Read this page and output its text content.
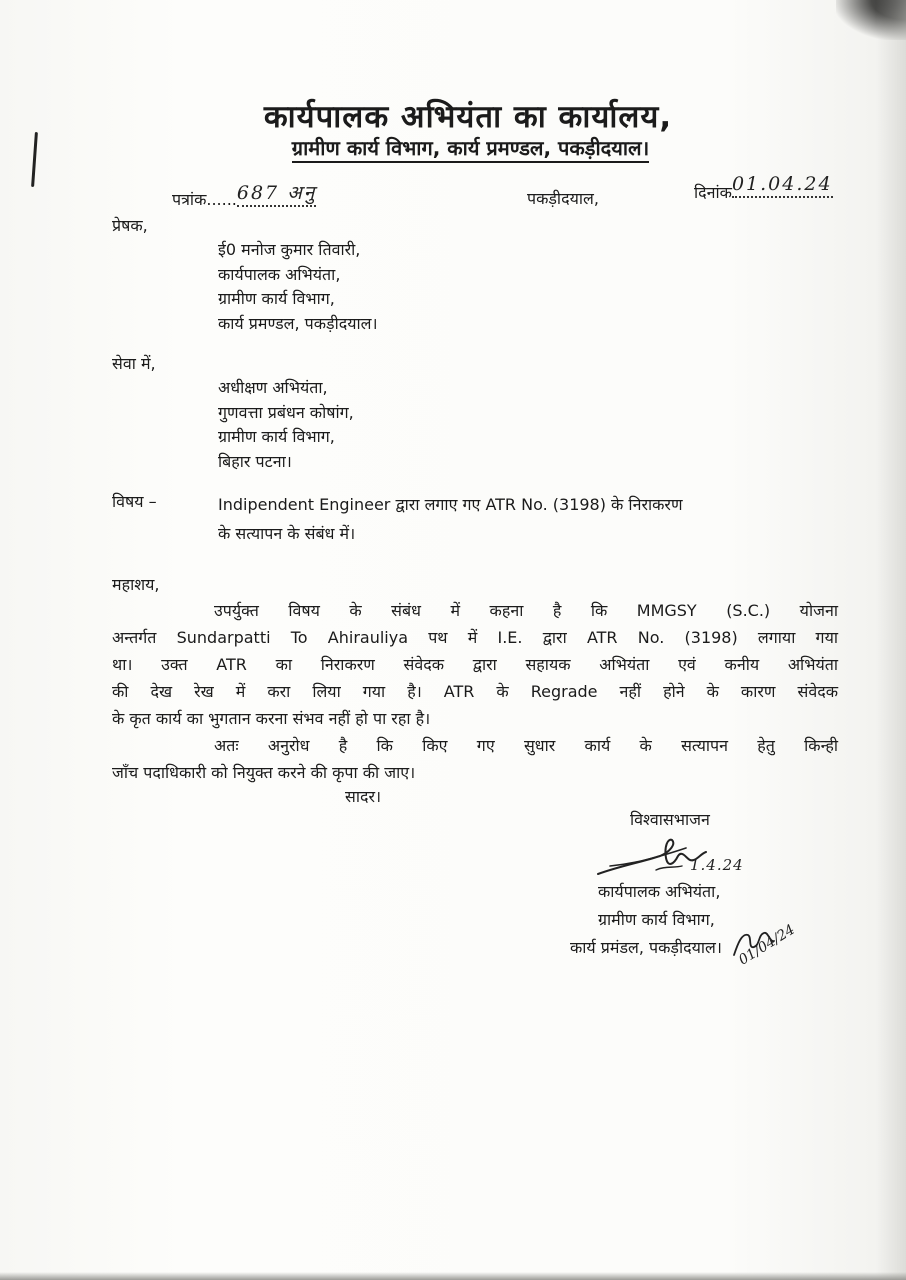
कार्यपालक अभियंता का कार्यालय,
ग्रामीण कार्य विभाग, कार्य प्रमण्डल, पकड़ीदयाल।
पत्रांक......687 अनु	पकड़ीदयाल,	दिनांक01.04.24
प्रेषक,
ई0 मनोज कुमार तिवारी,
कार्यपालक अभियंता,
ग्रामीण कार्य विभाग,
कार्य प्रमण्डल, पकड़ीदयाल।
सेवा में,
अधीक्षण अभियंता,
गुणवत्ता प्रबंधन कोषांग,
ग्रामीण कार्य विभाग,
बिहार पटना।
विषय –	Indipendent Engineer द्वारा लगाए गए ATR No. (3198) के निराकरण
के सत्यापन के संबंध में।
महाशय,
उपर्युक्त विषय के संबंध में कहना है कि MMGSY (S.C.) योजना
अन्तर्गत Sundarpatti To Ahirauliya पथ में I.E. द्वारा ATR No. (3198) लगाया गया
था। उक्त ATR का निराकरण संवेदक द्वारा सहायक अभियंता एवं कनीय अभियंता
की देख रेख में करा लिया गया है। ATR के Regrade नहीं होने के कारण संवेदक
के कृत कार्य का भुगतान करना संभव नहीं हो पा रहा है।
अतः अनुरोध है कि किए गए सुधार कार्य के सत्यापन हेतु किन्ही
जाँच पदाधिकारी को नियुक्त करने की कृपा की जाए।
सादर।
विश्वासभाजन
1.4.24
कार्यपालक अभियंता,
ग्रामीण कार्य विभाग,
कार्य प्रमंडल, पकड़ीदयाल। 01/04/24
